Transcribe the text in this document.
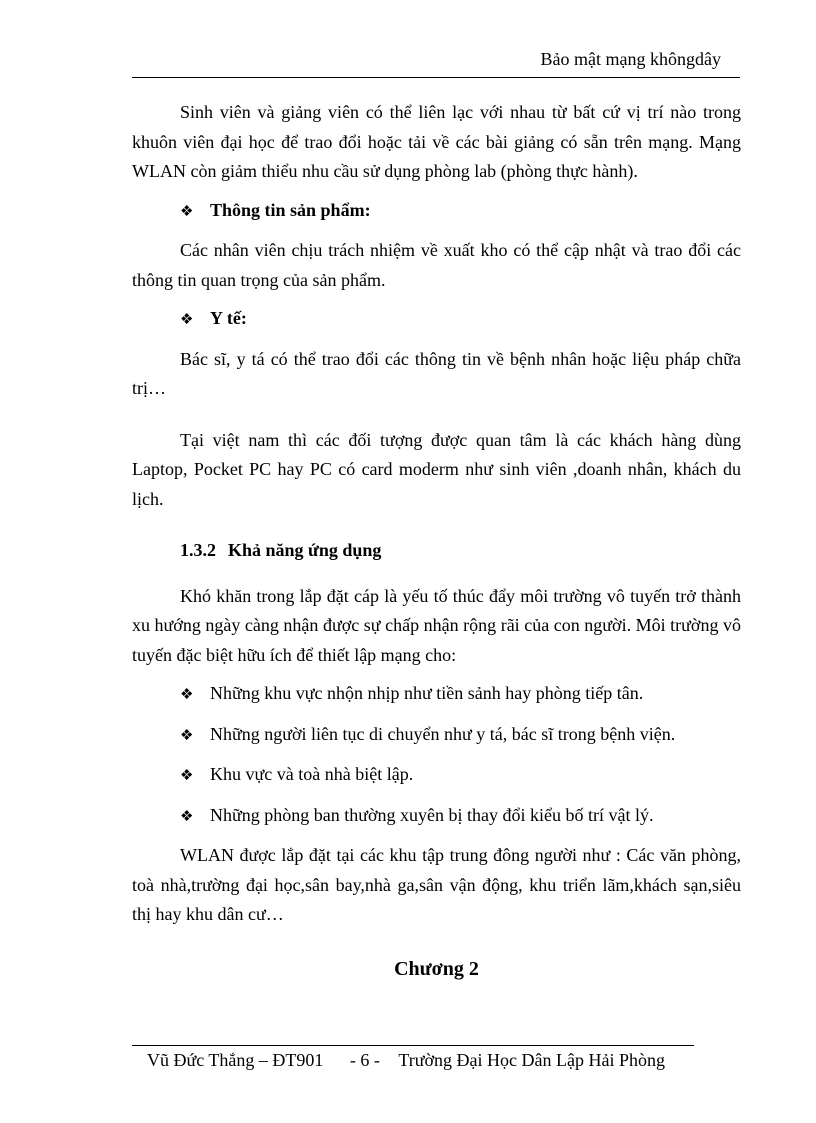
Bảo mật mạng khôngdây

Sinh viên và giảng viên có thể liên lạc với nhau từ bất cứ vị trí nào trong khuôn viên đại học để trao đổi hoặc tải về các bài giảng có sẵn trên mạng. Mạng WLAN còn giảm thiểu nhu cầu sử dụng phòng lab (phòng thực hành).

❖ Thông tin sản phẩm:

Các nhân viên chịu trách nhiệm về xuất kho có thể cập nhật và trao đổi các thông tin quan trọng của sản phẩm.

❖ Y tế:

Bác sĩ, y tá có thể trao đổi các thông tin về bệnh nhân hoặc liệu pháp chữa trị…

Tại việt nam thì các đối tượng được quan tâm là các khách hàng dùng Laptop, Pocket PC hay PC có card moderm như sinh viên ,doanh nhân, khách du lịch.

1.3.2 Khả năng ứng dụng

Khó khăn trong lắp đặt cáp là yếu tố thúc đẩy môi trường vô tuyến trở thành xu hướng ngày càng nhận được sự chấp nhận rộng rãi của con người. Môi trường vô tuyến đặc biệt hữu ích để thiết lập mạng cho:

❖ Những khu vực nhộn nhịp như tiền sảnh hay phòng tiếp tân.
❖ Những người liên tục di chuyển như y tá, bác sĩ trong bệnh viện.
❖ Khu vực và toà nhà biệt lập.
❖ Những phòng ban thường xuyên bị thay đổi kiểu bố trí vật lý.

WLAN được lắp đặt tại các khu tập trung đông người như : Các văn phòng, toà nhà,trường đại học,sân bay,nhà ga,sân vận động, khu triển lãm,khách sạn,siêu thị hay khu dân cư…

Chương 2
Vũ Đức Thắng – ĐT901 - 6 - Trường Đại Học Dân Lập Hải Phòng
